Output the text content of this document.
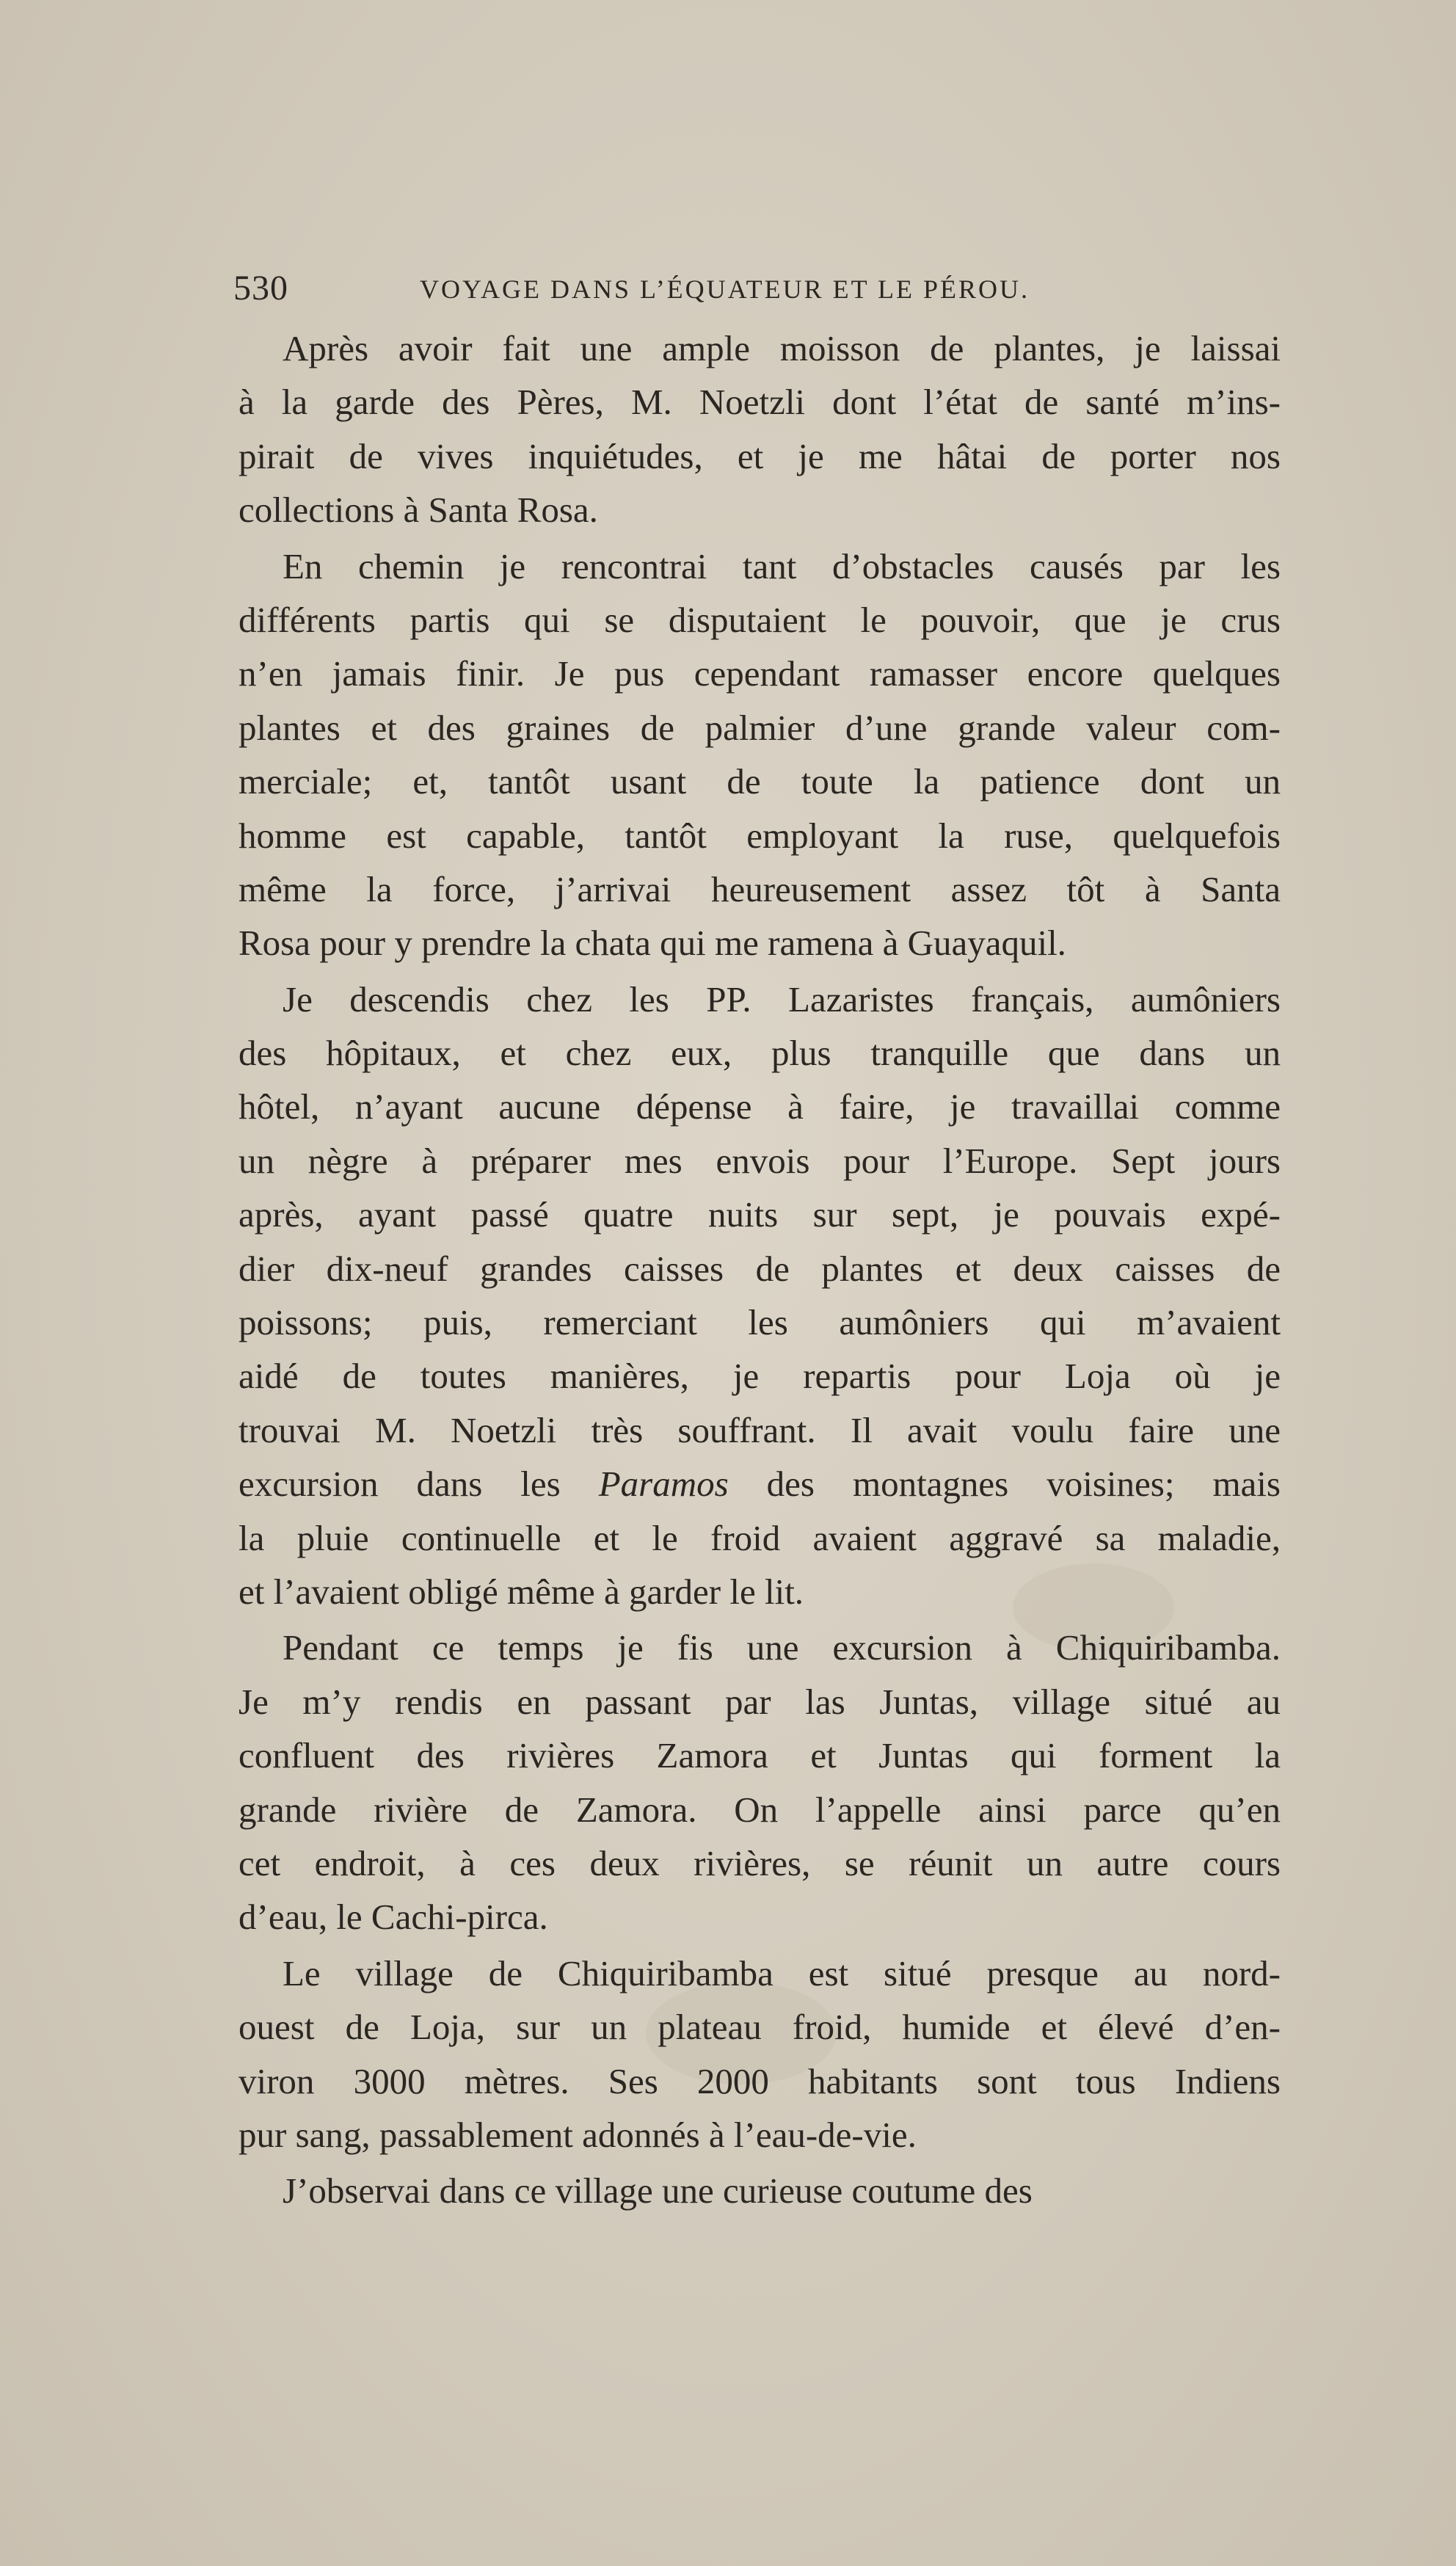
530	VOYAGE DANS L’ÉQUATEUR ET LE PÉROU.
Après avoir fait une ample moisson de plantes, je laissai
à la garde des Pères, M. Noetzli dont l’état de santé m’ins-
pirait de vives inquiétudes, et je me hâtai de porter nos
collections à Santa Rosa.
En chemin je rencontrai tant d’obstacles causés par les
différents partis qui se disputaient le pouvoir, que je crus
n’en jamais finir. Je pus cependant ramasser encore quelques
plantes et des graines de palmier d’une grande valeur com-
merciale; et, tantôt usant de toute la patience dont un
homme est capable, tantôt employant la ruse, quelquefois
même la force, j’arrivai heureusement assez tôt à Santa
Rosa pour y prendre la chata qui me ramena à Guayaquil.
Je descendis chez les PP. Lazaristes français, aumôniers
des hôpitaux, et chez eux, plus tranquille que dans un
hôtel, n’ayant aucune dépense à faire, je travaillai comme
un nègre à préparer mes envois pour l’Europe. Sept jours
après, ayant passé quatre nuits sur sept, je pouvais expé-
dier dix-neuf grandes caisses de plantes et deux caisses de
poissons; puis, remerciant les aumôniers qui m’avaient
aidé de toutes manières, je repartis pour Loja où je
trouvai M. Noetzli très souffrant. Il avait voulu faire une
excursion dans les Paramos des montagnes voisines; mais
la pluie continuelle et le froid avaient aggravé sa maladie,
et l’avaient obligé même à garder le lit.
Pendant ce temps je fis une excursion à Chiquiribamba.
Je m’y rendis en passant par las Juntas, village situé au
confluent des rivières Zamora et Juntas qui forment la
grande rivière de Zamora. On l’appelle ainsi parce qu’en
cet endroit, à ces deux rivières, se réunit un autre cours
d’eau, le Cachi-pirca.
Le village de Chiquiribamba est situé presque au nord-
ouest de Loja, sur un plateau froid, humide et élevé d’en-
viron 3000 mètres. Ses 2000 habitants sont tous Indiens
pur sang, passablement adonnés à l’eau-de-vie.
J’observai dans ce village une curieuse coutume des
